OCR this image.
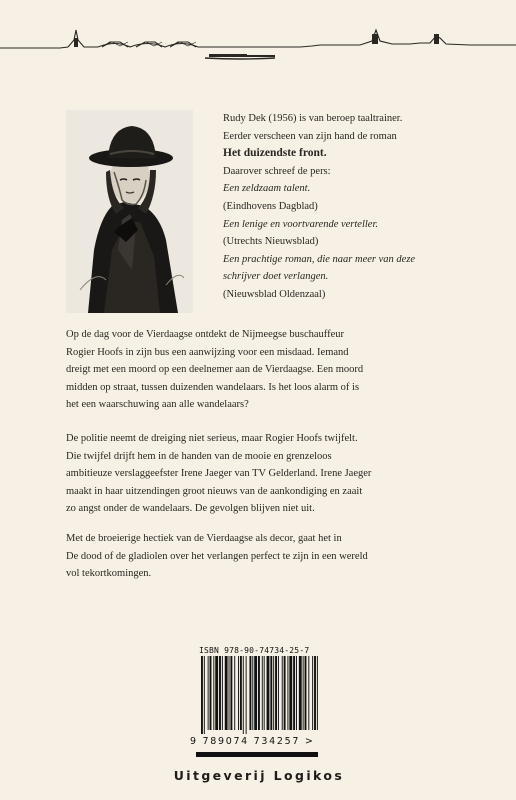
Rudy Dek (1956) is van beroep taaltrainer.
Eerder verscheen van zijn hand de roman
Het duizendste front.
Daarover schreef de pers:
Een zeldzaam talent.
(Eindhovens Dagblad)
Een lenige en voortvarende verteller.
(Utrechts Nieuwsblad)
Een prachtige roman, die naar meer van deze
schrijver doet verlangen.
(Nieuwsblad Oldenzaal)
Op de dag voor de Vierdaagse ontdekt de Nijmeegse buschauffeur
Rogier Hoofs in zijn bus een aanwijzing voor een misdaad. Iemand
dreigt met een moord op een deelnemer aan de Vierdaagse. Een moord
midden op straat, tussen duizenden wandelaars. Is het loos alarm of is
het een waarschuwing aan alle wandelaars?
De politie neemt de dreiging niet serieus, maar Rogier Hoofs twijfelt.
Die twijfel drijft hem in de handen van de mooie en grenzeloos
ambitieuze verslaggeefster Irene Jaeger van TV Gelderland. Irene Jaeger
maakt in haar uitzendingen groot nieuws van de aankondiging en zaait
zo angst onder de wandelaars. De gevolgen blijven niet uit.
Met de broeierige hectiek van de Vierdaagse als decor, gaat het in
De dood of de gladiolen over het verlangen perfect te zijn in een wereld
vol tekortkomingen.
ISBN 978-90-74734-25-7
9 789074 734257 >
Uitgeverij Logikos
